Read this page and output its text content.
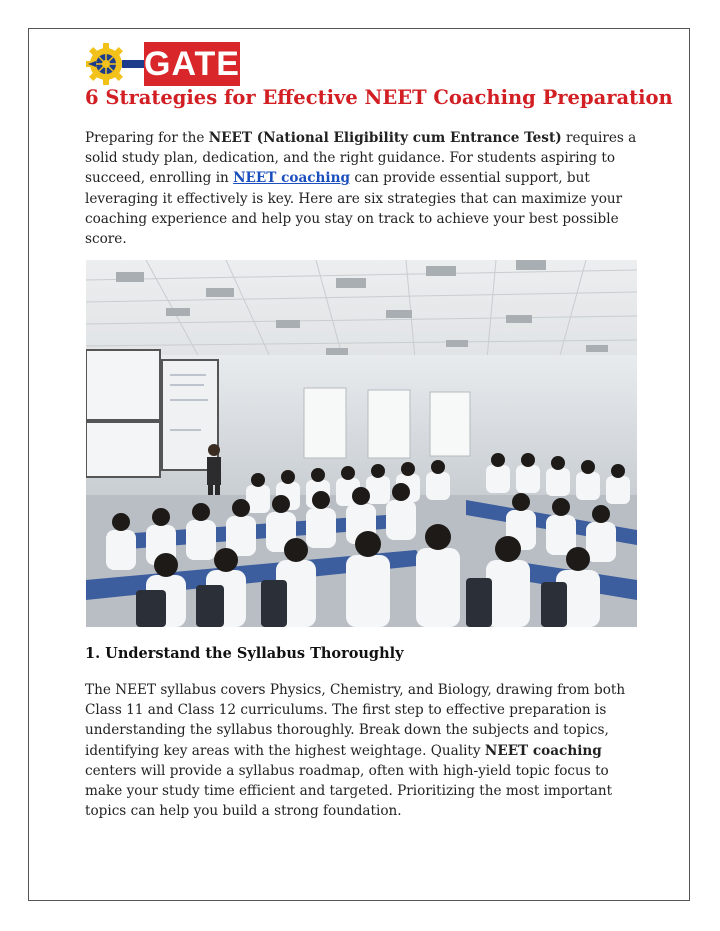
GATE
6 Strategies for Effective NEET Coaching Preparation

Preparing for the NEET (National Eligibility cum Entrance Test) requires a solid study plan, dedication, and the right guidance. For students aspiring to succeed, enrolling in NEET coaching can provide essential support, but leveraging it effectively is key. Here are six strategies that can maximize your coaching experience and help you stay on track to achieve your best possible score.

1. Understand the Syllabus Thoroughly

The NEET syllabus covers Physics, Chemistry, and Biology, drawing from both Class 11 and Class 12 curriculums. The first step to effective preparation is understanding the syllabus thoroughly. Break down the subjects and topics, identifying key areas with the highest weightage. Quality NEET coaching centers will provide a syllabus roadmap, often with high-yield topic focus to make your study time efficient and targeted. Prioritizing the most important topics can help you build a strong foundation.
